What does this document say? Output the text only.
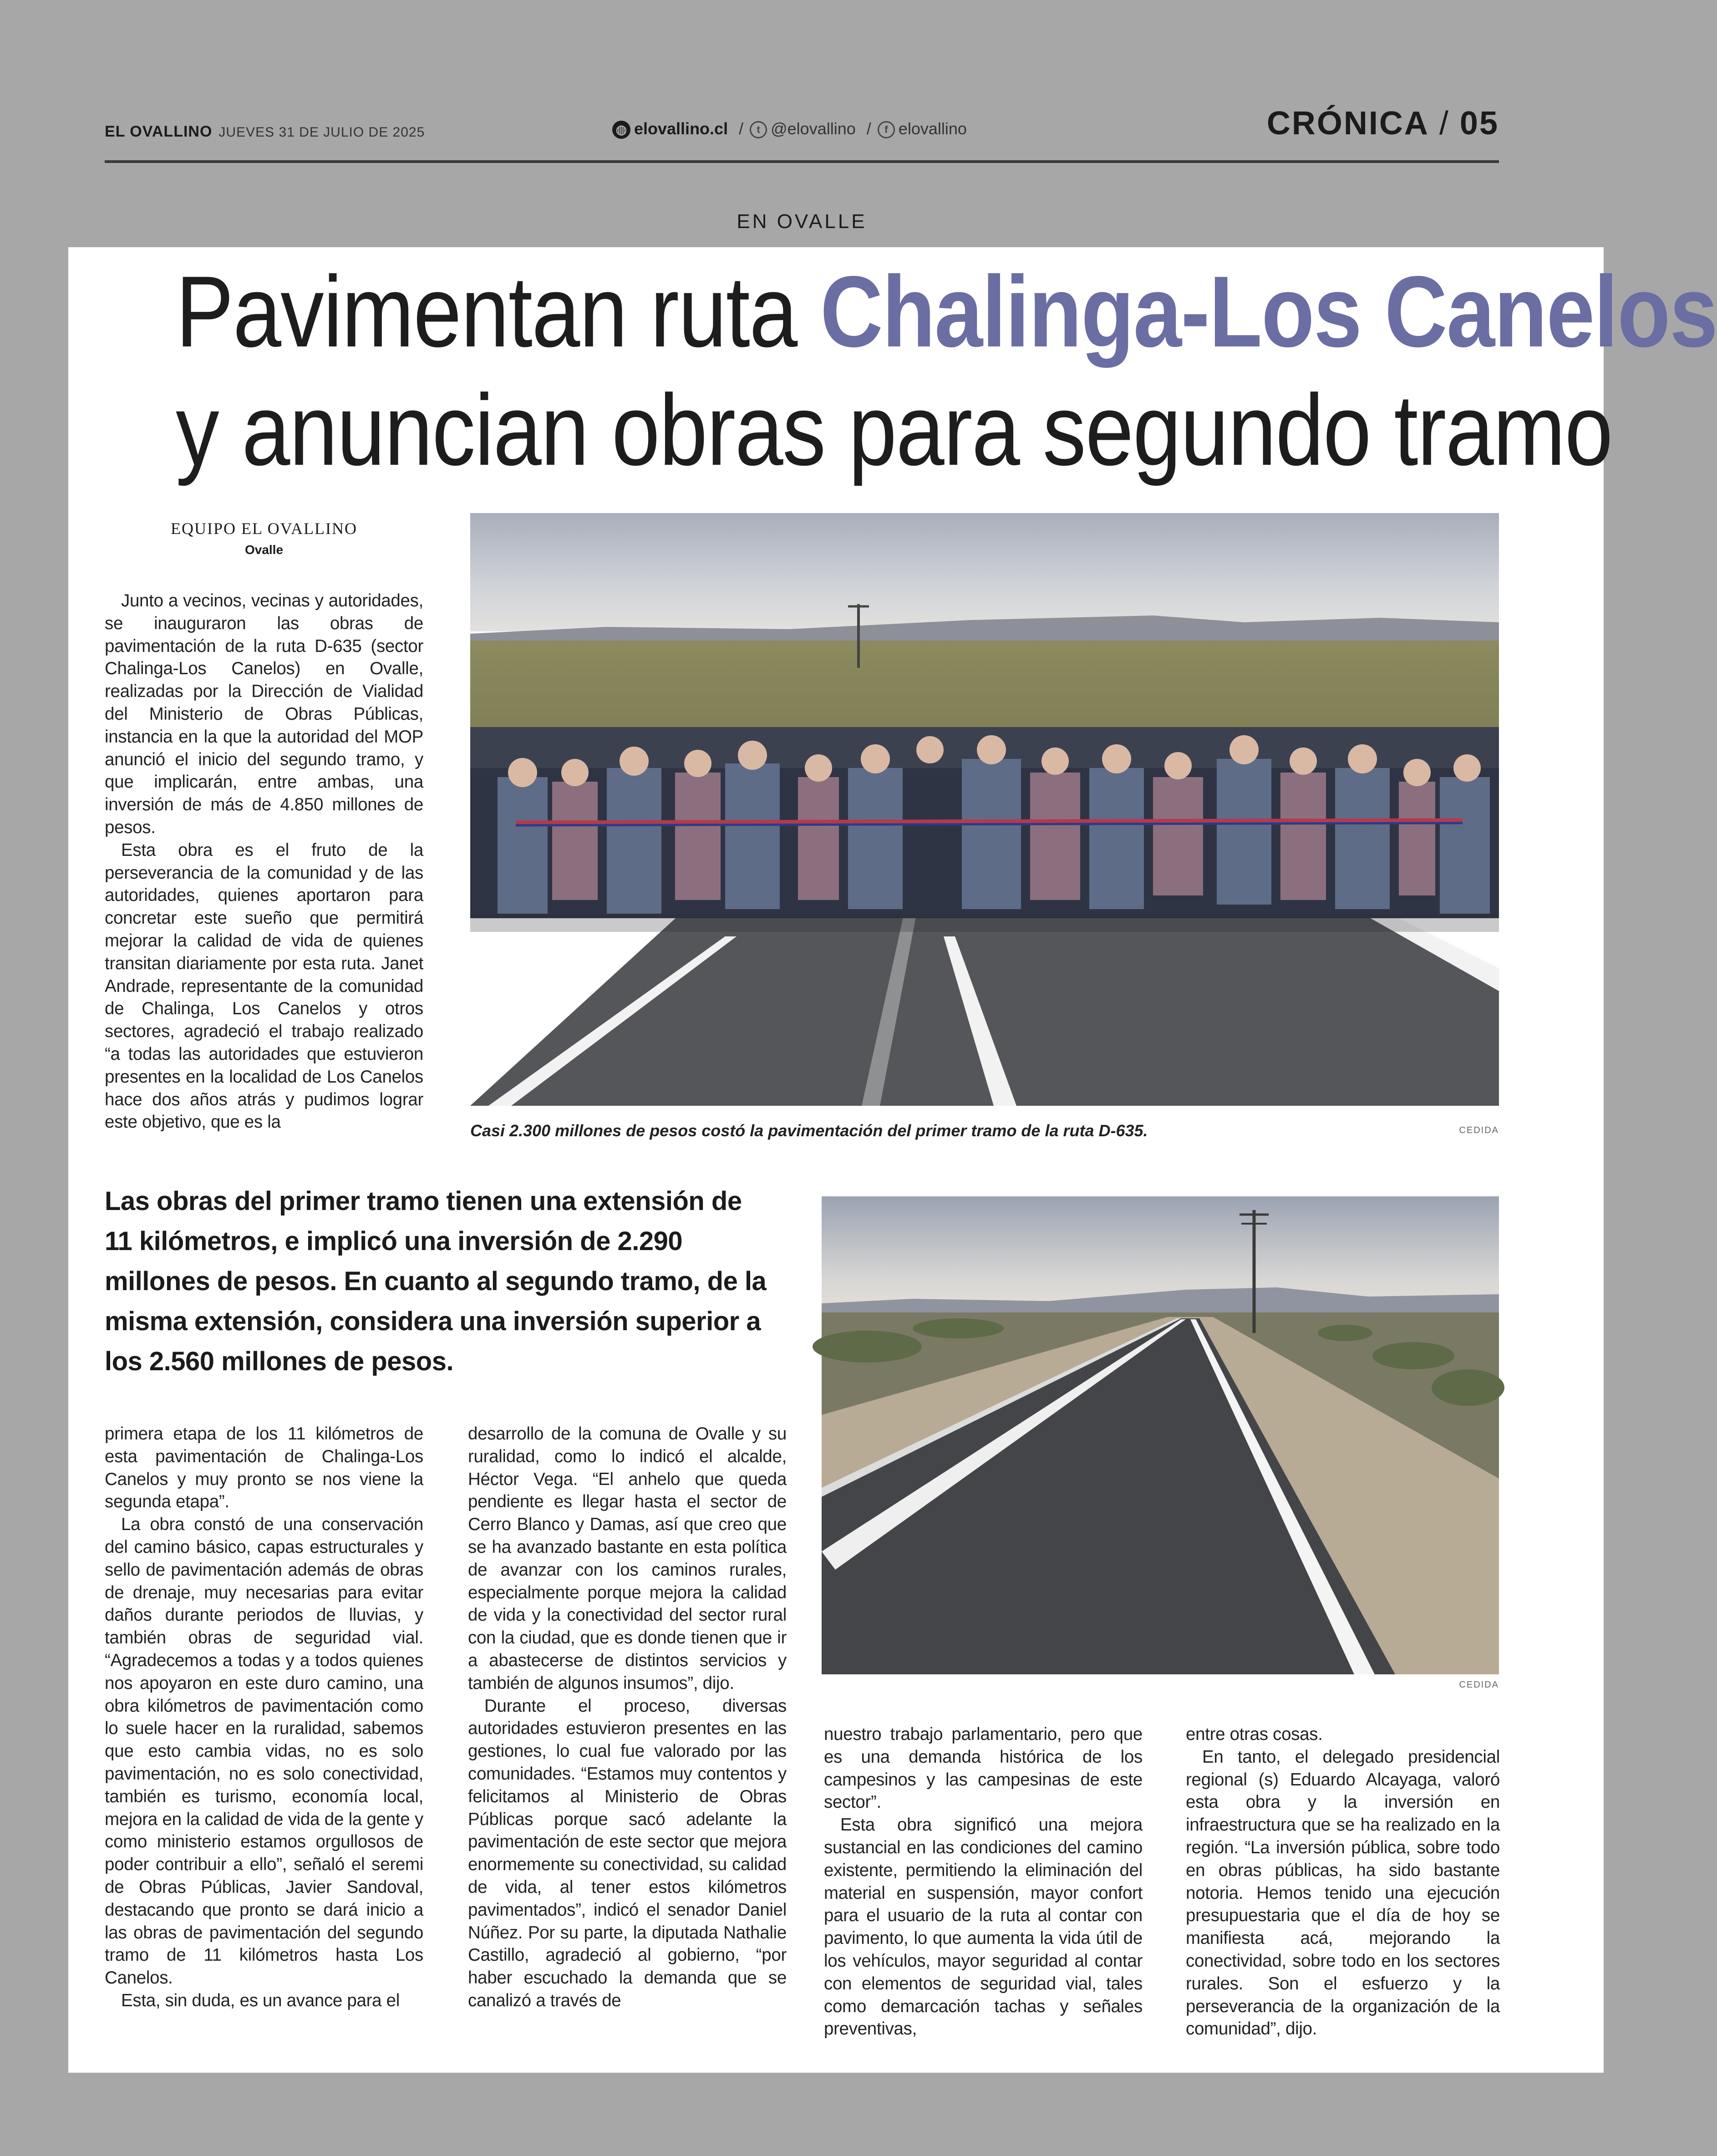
EL OVALLINO JUEVES 31 DE JULIO DE 2025	◍ elovallino.cl / t @elovallino / f elovallino	CRÓNICA / 05
EN OVALLE
Pavimentan ruta Chalinga-Los Canelos
y anuncian obras para segundo tramo
EQUIPO EL OVALLINO
Ovalle

Junto a vecinos, vecinas y autoridades, se inauguraron las obras de pavimentación de la ruta D-635 (sector Chalinga-Los Canelos) en Ovalle, realizadas por la Dirección de Vialidad del Ministerio de Obras Públicas, instancia en la que la autoridad del MOP anunció el inicio del segundo tramo, y que implicarán, entre ambas, una inversión de más de 4.850 millones de pesos.

Esta obra es el fruto de la perseverancia de la comunidad y de las autoridades, quienes aportaron para concretar este sueño que permitirá mejorar la calidad de vida de quienes transitan diariamente por esta ruta. Janet Andrade, representante de la comunidad de Chalinga, Los Canelos y otros sectores, agradeció el trabajo realizado “a todas las autoridades que estuvieron presentes en la localidad de Los Canelos hace dos años atrás y pudimos lograr este objetivo, que es la	Casi 2.300 millones de pesos costó la pavimentación del primer tramo de la ruta D-635.	CEDIDA
Las obras del primer tramo tienen una extensión de 11 kilómetros, e implicó una inversión de 2.290 millones de pesos. En cuanto al segundo tramo, de la misma extensión, considera una inversión superior a los 2.560 millones de pesos.
CEDIDA

primera etapa de los 11 kilómetros de esta pavimentación de Chalinga-Los Canelos y muy pronto se nos viene la segunda etapa”.

La obra constó de una conservación del camino básico, capas estructurales y sello de pavimentación además de obras de drenaje, muy necesarias para evitar daños durante periodos de lluvias, y también obras de seguridad vial. “Agradecemos a todas y a todos quienes nos apoyaron en este duro camino, una obra kilómetros de pavimentación como lo suele hacer en la ruralidad, sabemos que esto cambia vidas, no es solo pavimentación, no es solo conectividad, también es turismo, economía local, mejora en la calidad de vida de la gente y como ministerio estamos orgullosos de poder contribuir a ello”, señaló el seremi de Obras Públicas, Javier Sandoval, destacando que pronto se dará inicio a las obras de pavimentación del segundo tramo de 11 kilómetros hasta Los Canelos.

Esta, sin duda, es un avance para el

desarrollo de la comuna de Ovalle y su ruralidad, como lo indicó el alcalde, Héctor Vega. “El anhelo que queda pendiente es llegar hasta el sector de Cerro Blanco y Damas, así que creo que se ha avanzado bastante en esta política de avanzar con los caminos rurales, especialmente porque mejora la calidad de vida y la conectividad del sector rural con la ciudad, que es donde tienen que ir a abastecerse de distintos servicios y también de algunos insumos”, dijo.

Durante el proceso, diversas autoridades estuvieron presentes en las gestiones, lo cual fue valorado por las comunidades. “Estamos muy contentos y felicitamos al Ministerio de Obras Públicas porque sacó adelante la pavimentación de este sector que mejora enormemente su conectividad, su calidad de vida, al tener estos kilómetros pavimentados”, indicó el senador Daniel Núñez. Por su parte, la diputada Nathalie Castillo, agradeció al gobierno, “por haber escuchado la demanda que se canalizó a través de

nuestro trabajo parlamentario, pero que es una demanda histórica de los campesinos y las campesinas de este sector”.

Esta obra significó una mejora sustancial en las condiciones del camino existente, permitiendo la eliminación del material en suspensión, mayor confort para el usuario de la ruta al contar con pavimento, lo que aumenta la vida útil de los vehículos, mayor seguridad al contar con elementos de seguridad vial, tales como demarcación tachas y señales preventivas,

entre otras cosas.

En tanto, el delegado presidencial regional (s) Eduardo Alcayaga, valoró esta obra y la inversión en infraestructura que se ha realizado en la región. “La inversión pública, sobre todo en obras públicas, ha sido bastante notoria. Hemos tenido una ejecución presupuestaria que el día de hoy se manifiesta acá, mejorando la conectividad, sobre todo en los sectores rurales. Son el esfuerzo y la perseverancia de la organización de la comunidad”, dijo.
